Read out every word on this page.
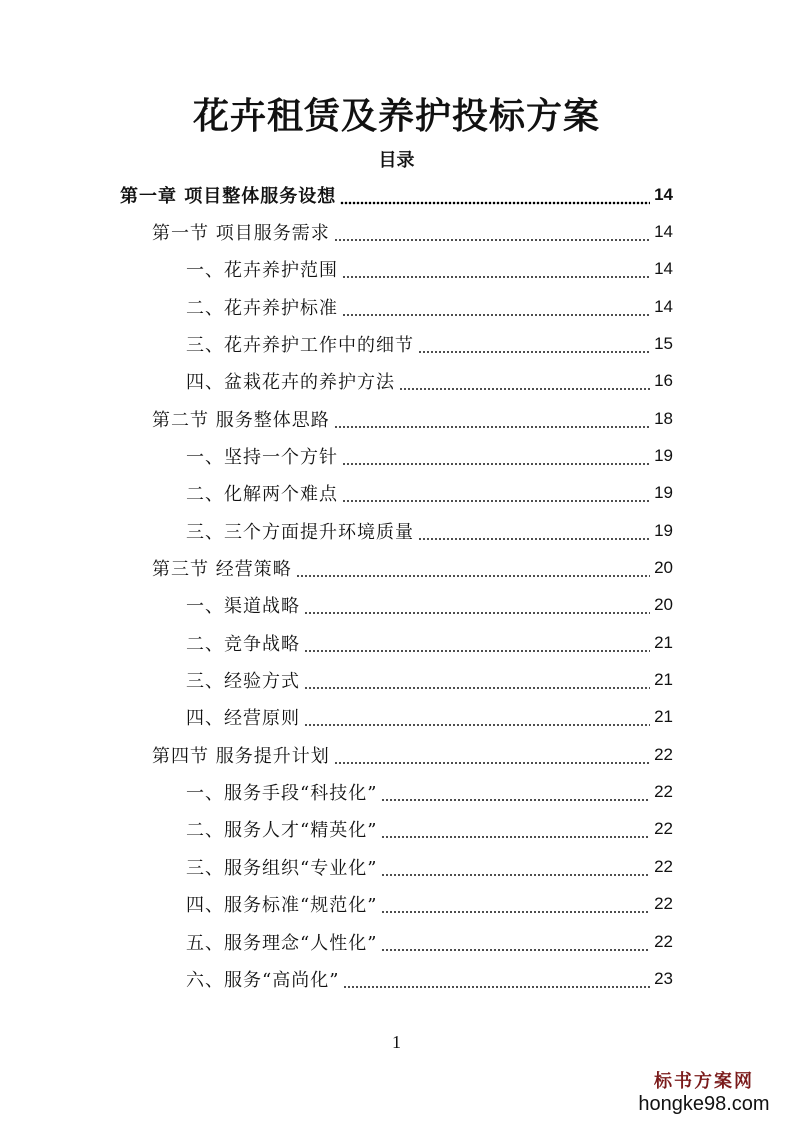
花卉租赁及养护投标方案
目录
第一章 项目整体服务设想	14
第一节 项目服务需求	14
一、花卉养护范围	14
二、花卉养护标准	14
三、花卉养护工作中的细节	15
四、盆栽花卉的养护方法	16
第二节 服务整体思路	18
一、坚持一个方针	19
二、化解两个难点	19
三、三个方面提升环境质量	19
第三节 经营策略	20
一、渠道战略	20
二、竞争战略	21
三、经验方式	21
四、经营原则	21
第四节 服务提升计划	22
一、服务手段“科技化”	22
二、服务人才“精英化”	22
三、服务组织“专业化”	22
四、服务标准“规范化”	22
五、服务理念“人性化”	22
六、服务“高尚化”	23
1
标书方案网
hongke98.com
